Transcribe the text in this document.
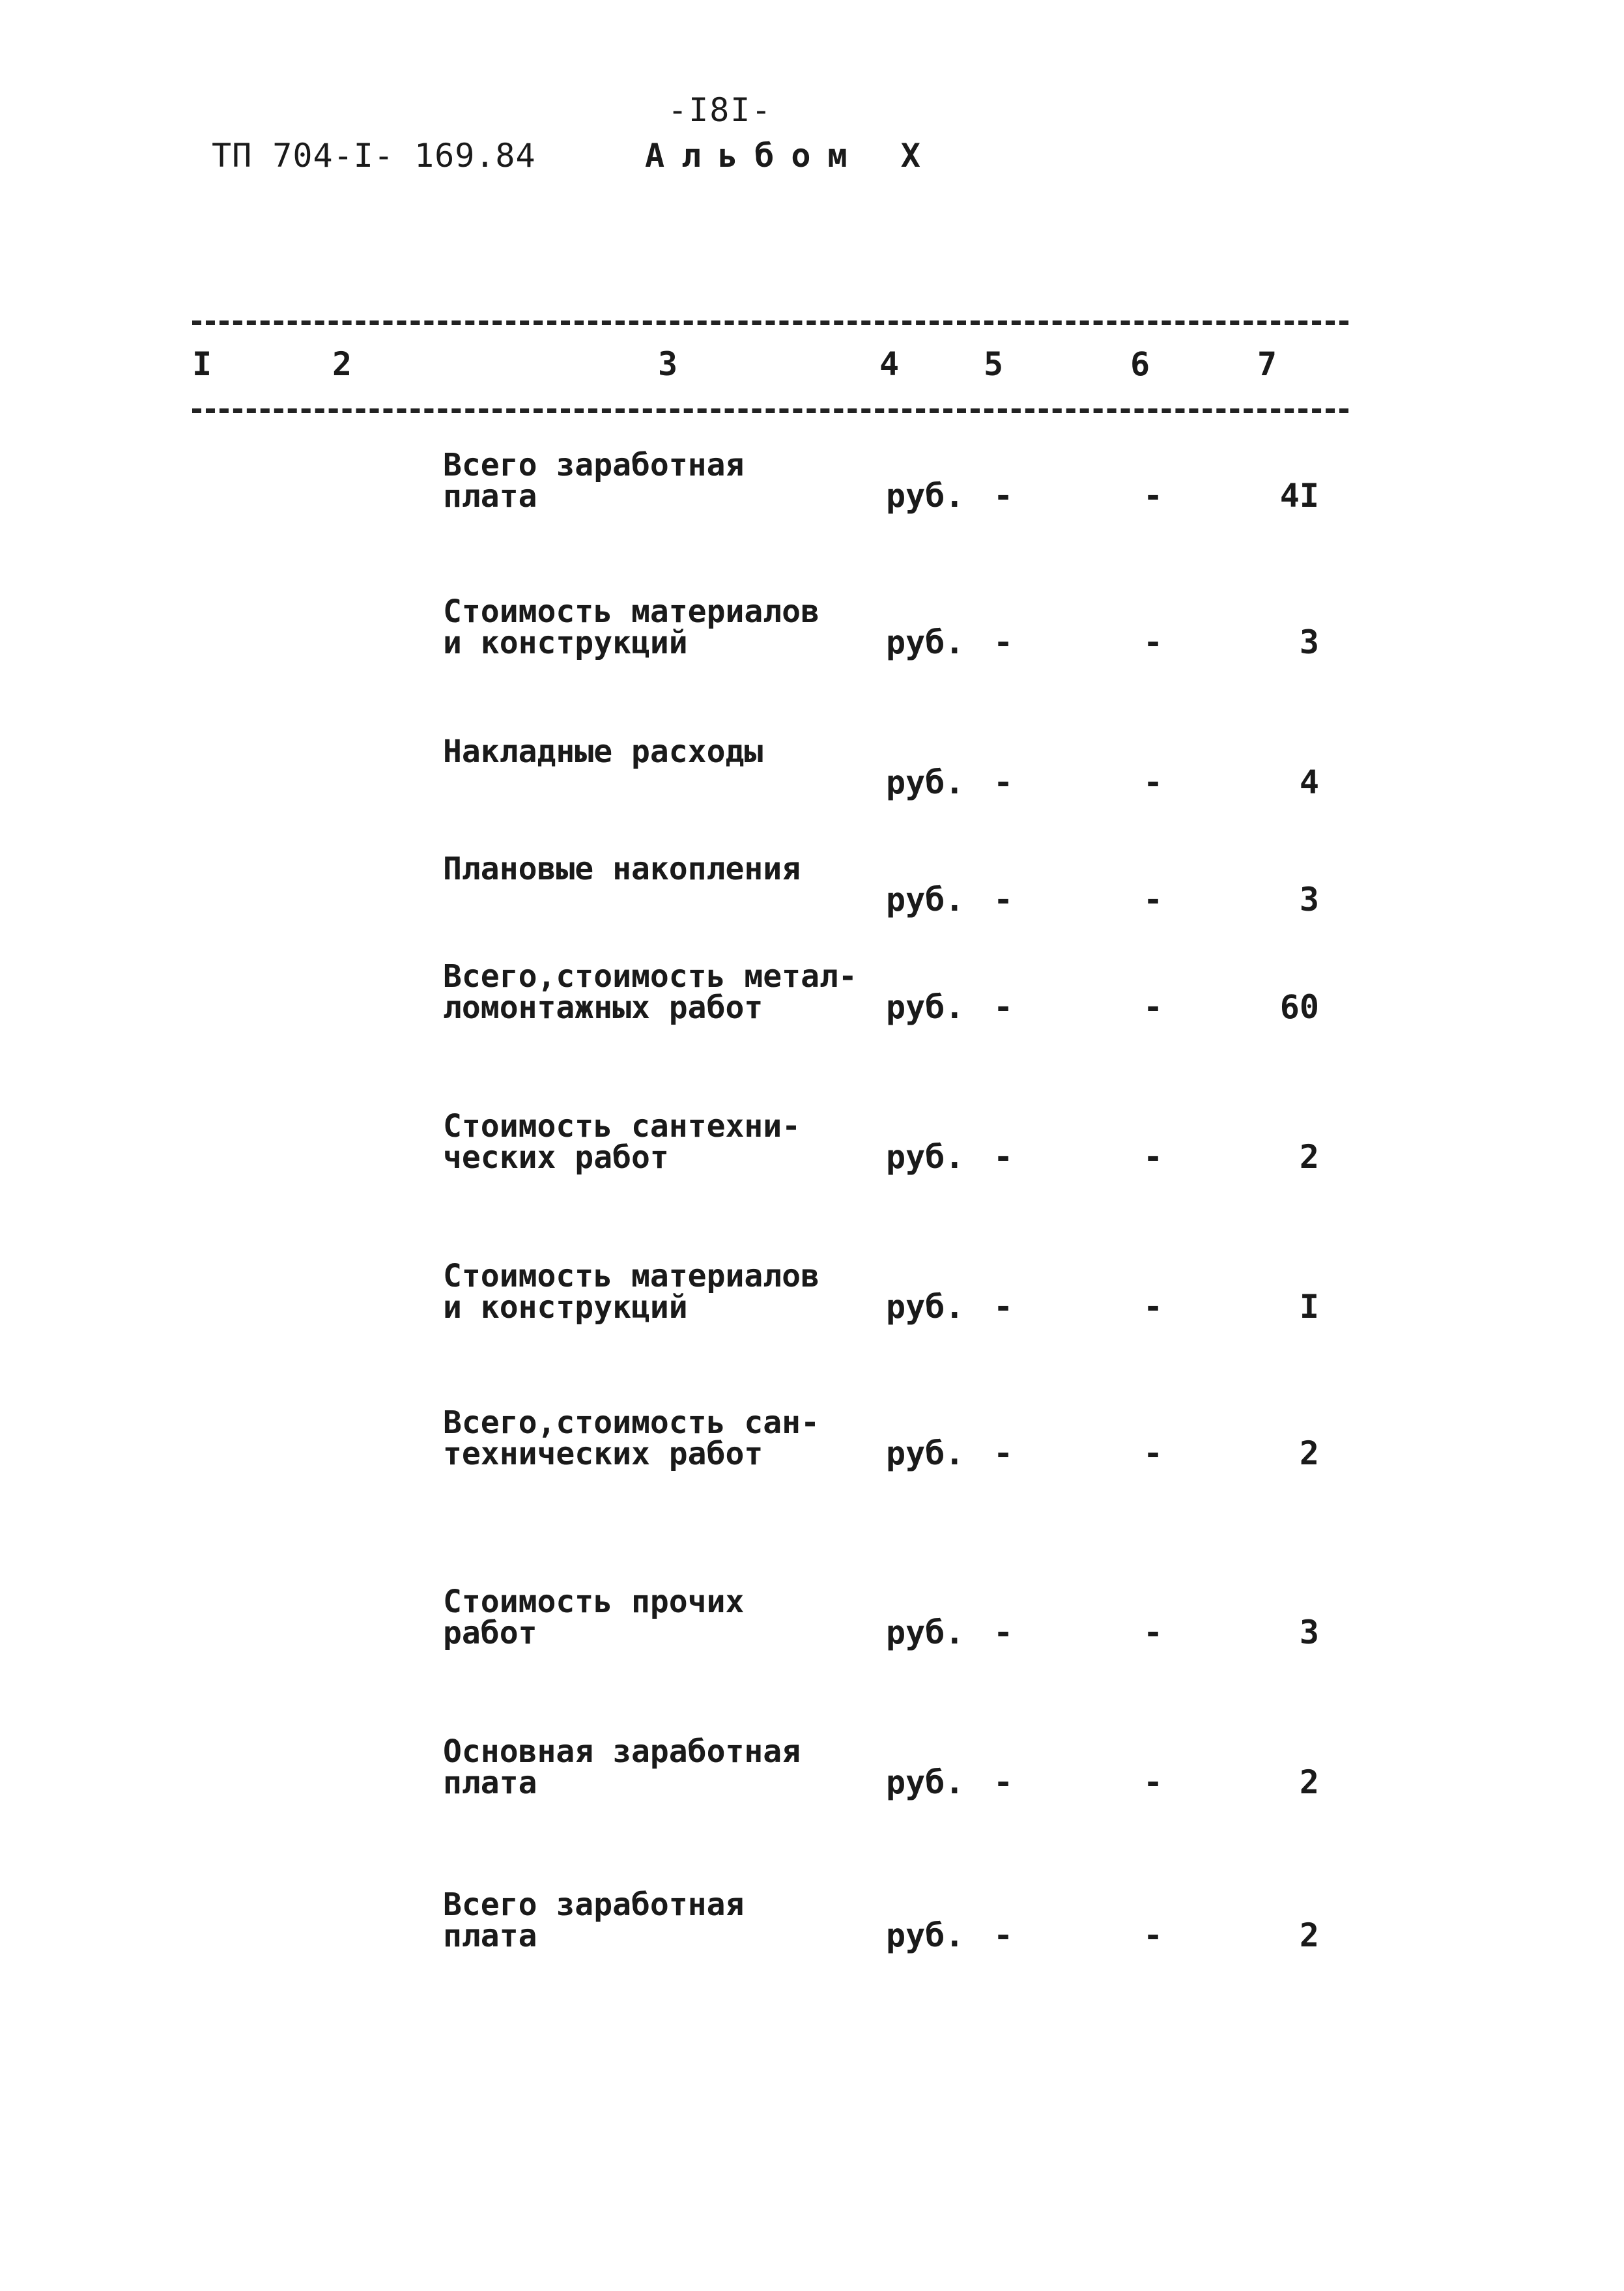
-I8I-
ТП 704-I- 169.84	Альбом X
I	2	3	4	5	6	7
Всего заработная
плата	руб. -	-	4I
Стоимость материалов
и конструкций	руб. -	-	3
Накладные расходы
руб. -	-	4
Плановые накопления
руб. -	-	3
Всего,стоимость метал-
ломонтажных работ	руб. -	-	60
Стоимость сантехни-
ческих работ	руб. -	-	2
Стоимость материалов
и конструкций	руб. -	-	I
Всего,стоимость сан-
технических работ	руб. -	-	2
Стоимость прочих
работ	руб. -	-	3
Основная заработная
плата	руб. -	-	2
Всего заработная
плата	руб. -	-	2
